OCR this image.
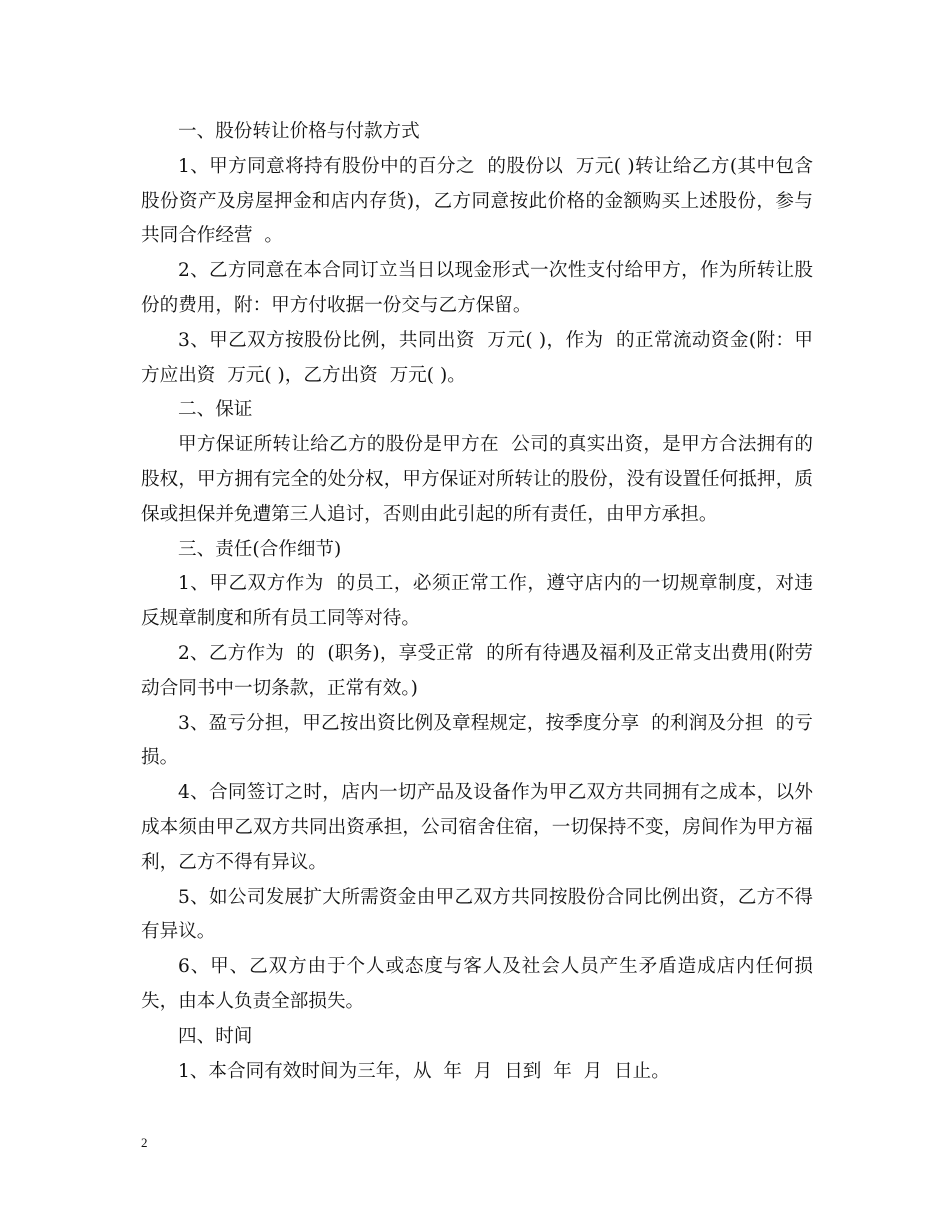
一、股份转让价格与付款方式

1、甲方同意将持有股份中的百分之  的股份以  万元( )转让给乙方(其中包含股份资产及房屋押金和店内存货)，乙方同意按此价格的金额购买上述股份，参与共同合作经营  。

2、乙方同意在本合同订立当日以现金形式一次性支付给甲方，作为所转让股份的费用，附：甲方付收据一份交与乙方保留。

3、甲乙双方按股份比例，共同出资  万元( )，作为  的正常流动资金(附：甲方应出资  万元( )，乙方出资  万元( )。

二、保证

甲方保证所转让给乙方的股份是甲方在  公司的真实出资，是甲方合法拥有的股权，甲方拥有完全的处分权，甲方保证对所转让的股份，没有设置任何抵押，质保或担保并免遭第三人追讨，否则由此引起的所有责任，由甲方承担。

三、责任(合作细节)

1、甲乙双方作为  的员工，必须正常工作，遵守店内的一切规章制度，对违反规章制度和所有员工同等对待。

2、乙方作为  的  (职务)，享受正常  的所有待遇及福利及正常支出费用(附劳动合同书中一切条款，正常有效。)

3、盈亏分担，甲乙按出资比例及章程规定，按季度分享  的利润及分担  的亏损。

4、合同签订之时，店内一切产品及设备作为甲乙双方共同拥有之成本，以外成本须由甲乙双方共同出资承担，公司宿舍住宿，一切保持不变，房间作为甲方福利，乙方不得有异议。

5、如公司发展扩大所需资金由甲乙双方共同按股份合同比例出资，乙方不得有异议。

6、甲、乙双方由于个人或态度与客人及社会人员产生矛盾造成店内任何损失，由本人负责全部损失。

四、时间

1、本合同有效时间为三年，从  年  月  日到  年  月  日止。

2
